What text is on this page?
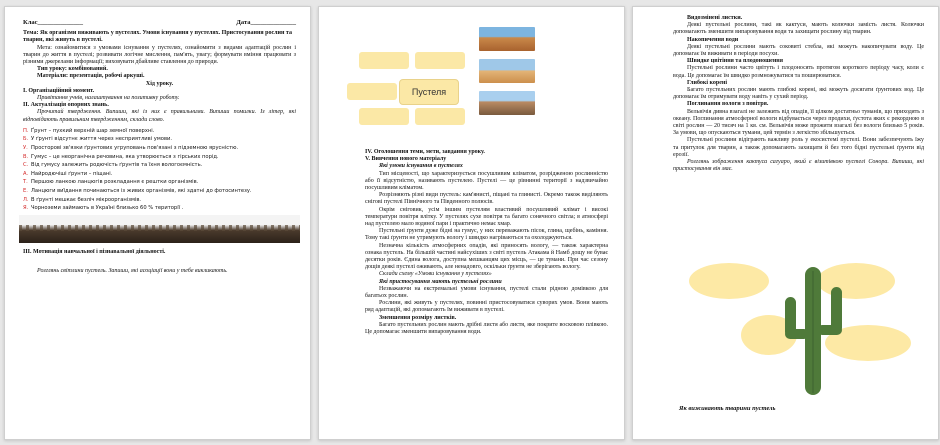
Клас______________	Дата______________

Тема: Як організми виживають у пустелях. Умови існування у пустелях. Пристосування рослин та тварин, які живуть в пустелі.

Мета: ознайомитися з умовами існування у пустелях, ознайомити з видами адаптацій рослин і тварин до життя в пустелі; розвивати логічне мислення, пам'ять, увагу; формувати вміння працювати з різними джерелами інформації; виховувати дбайливе ставлення до природи.

Тип уроку: комбінований.

Матеріали: презентація, робочі аркуші.

Хід уроку.

I. Організаційний момент.

Привітання учнів, налаштування на позитивну роботу.

II. Актуалізація опорних знань.

Прочитай твердження. Випиши, які із них є правильними. Випиши помилки. Із літер, які відповідають правильним твердженням, склади слово.

П. Ґрунт – пухкий верхній шар земної поверхні.
Б. У ґрунті відсутнє життя через несприятливі умови.
У. Просторові зв'язки ґрунтових угруповань пов'язані з підземною ярусністю.
В. Гумус – це неорганічна речовина, яка утворюється з гірських порід.
С. Від гумусу залежить родючість ґрунтів та їхня вологоємність.
А. Найродючіші ґрунти – піщані.
Т. Першою ланкою ланцюгів розкладання є рештки організмів.
Е. Ланцюги виїдання починаються із живих організмів, які здатні до фотосинтезу.
Л. В ґрунті мешкає безліч мікроорганізмів.
Я. Чорноземи займають в Україні близько 60 % території .

III. Мотивація навчальної і пізнавальної діяльності.

Розглянь світлини пустель. Запиши, які асоціації вони у тебе викликають.

Пустеля

IV. Оголошення теми, мети, завдання уроку.

V. Вивчення нового матеріалу

Які умови існування в пустелях

Тип місцевості, що характеризується посушливим кліматом, розрідженою рослинністю або її відсутністю, називають пустелею. Пустелі — це рівнинні території з надзвичайно посушливим кліматом.

Розрізняють різні види пустель: кам'янисті, піщані та глинисті. Окремо також виділяють снігові пустелі Північного та Південного полюсів.

Окрім сніговик, усім іншим пустелям властивий посушливий клімат і високі температури повітря влітку. У пустелях сухе повітря та багато сонячного світла; в атмосфері над пустелею мало водяної пари і практично немає хмар.

Пустельні ґрунти дуже бідні на гумус, у них переважають пісок, глина, щебінь, каміння. Тому такі ґрунти не утримують вологу і швидко нагріваються та охолоджуються.

Незначна кількість атмосферних опадів, які приносять вологу, — також характерна ознака пустель. На більшій частині найсухіших з світі пустель Атакама й Намб дощу не буває десятки років. Єдина волога, доступна мешканцям цих місць, — це тумани. При час сезону дощів деякі пустелі оживають, але ненадовго, оскільки ґрунти не зберігають вологу.

Склади схему «Умови існування у пустелях»

Які пристосування мають пустельні рослини

Незважаючи на екстремальні умови існування, пустелі стали рідною домівкою для багатьох рослин.

Рослини, які живуть у пустелях, повинні пристосовуватися суворих умов. Вони мають ряд адаптацій, які допомагають їм виживати в пустелі.

Зменшення розміру листків.

Багато пустельних рослин мають дрібні листя або листя, яке покрите восковою плівкою. Це допомагає зменшити випаровування води.

Видозмінені листки.

Деякі пустельні рослини, такі як кактуси, мають колючки замість листя. Колючки допомагають зменшити випаровування води та захищати рослину від тварин.

Накопичення води

Деякі пустельні рослини мають соковиті стебла, які можуть накопичувати воду. Це допомагає їм виживати в періоди посухи.

Швидке цвітіння та плодоношення

Пустельні рослини часто цвітуть і плодоносять протягом короткого періоду часу, коли є вода. Це допомагає їм швидко розмножуватися та поширюватися.

Глибокі корені

Багато пустельних рослин мають глибокі корені, які можуть досягати ґрунтових вод. Це допомагає їм отримувати воду навіть у сухий період.

Поглинання вологи з повітря.

Вельвічія дивна взагалі не залежить від опадів, її цілком достатньо туманів, що приходять з океану. Поглинання атмосферної вологи відбувається через продихи, ґустота яких є рекордною в світі рослин — 20 тисяч на 1 кв. см. Вельвічія може прожити взагалі без вологи близько 5 років. За умови, що опускаються тумани, цей термін з легкістю збільшується.

Пустельні рослини відіграють важливу роль у екосистемі пустелі. Вони забезпечують їжу та притулок для тварин, а також допомагають захищати й без того бідні пустельні ґрунти від ерозії.

Розглянь зображення кактуса сагуаро, який є візитівкою пустелі Сонора. Випиши, які пристосування він має.

Як виживають тварини пустель
